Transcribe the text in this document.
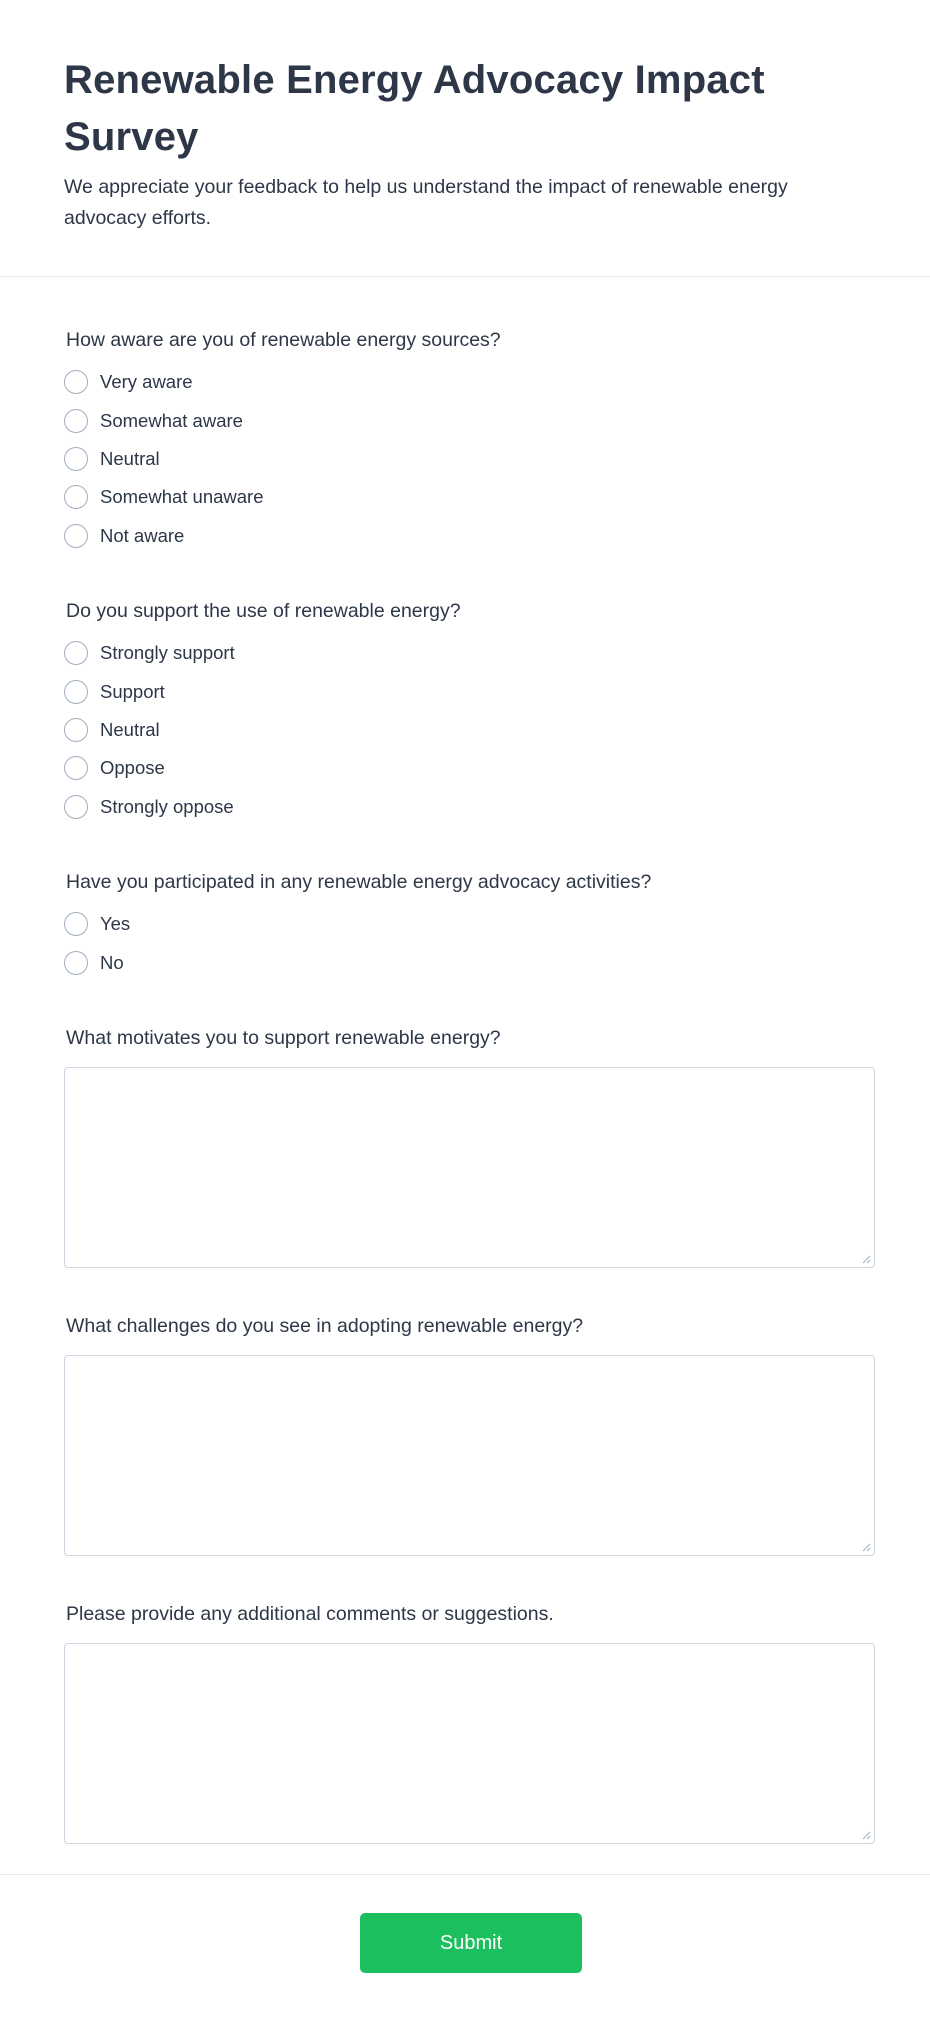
Renewable Energy Advocacy Impact Survey

We appreciate your feedback to help us understand the impact of renewable energy advocacy efforts.

How aware are you of renewable energy sources?
Very aware
Somewhat aware
Neutral
Somewhat unaware
Not aware
Do you support the use of renewable energy?
Strongly support
Support
Neutral
Oppose
Strongly oppose
Have you participated in any renewable energy advocacy activities?
Yes
No
What motivates you to support renewable energy?
What challenges do you see in adopting renewable energy?
Please provide any additional comments or suggestions.
Submit
